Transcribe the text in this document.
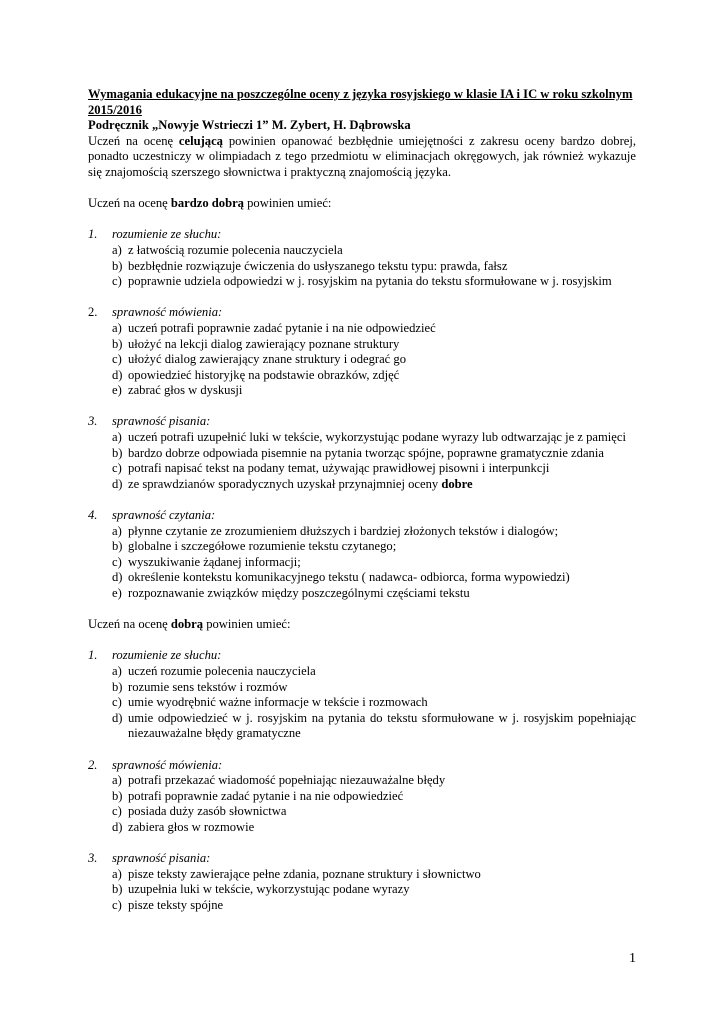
Wymagania edukacyjne na poszczególne oceny z języka rosyjskiego w klasie IA i IC w roku szkolnym 2015/2016

Podręcznik „Nowyje Wstrieczi 1” M. Zybert, H. Dąbrowska

Uczeń na ocenę celującą powinien opanować bezbłędnie umiejętności z zakresu oceny bardzo dobrej, ponadto uczestniczy w olimpiadach z tego przedmiotu w eliminacjach okręgowych, jak również wykazuje się znajomością szerszego słownictwa i praktyczną znajomością języka.

Uczeń na ocenę bardzo dobrą powinien umieć:

1.	rozumienie ze słuchu:
a) z łatwością rozumie polecenia nauczyciela
b) bezbłędnie rozwiązuje ćwiczenia do usłyszanego tekstu typu: prawda, fałsz
c) poprawnie udziela odpowiedzi w j. rosyjskim na pytania do tekstu sformułowane w j. rosyjskim
2.	sprawność mówienia:
a) uczeń potrafi poprawnie zadać pytanie i na nie odpowiedzieć
b) ułożyć na lekcji dialog zawierający poznane struktury
c) ułożyć dialog zawierający znane struktury i odegrać go
d) opowiedzieć historyjkę na podstawie obrazków, zdjęć
e) zabrać głos w dyskusji
3.	sprawność pisania:
a) uczeń potrafi uzupełnić luki w tekście, wykorzystując podane wyrazy lub odtwarzając je z pamięci
b) bardzo dobrze odpowiada pisemnie na pytania tworząc spójne, poprawne gramatycznie zdania
c) potrafi napisać tekst na podany temat, używając prawidłowej pisowni i interpunkcji
d) ze sprawdzianów sporadycznych uzyskał przynajmniej oceny dobre
4.	sprawność czytania:
a) płynne czytanie ze zrozumieniem dłuższych i bardziej złożonych tekstów i dialogów;
b) globalne i szczegółowe rozumienie tekstu czytanego;
c) wyszukiwanie żądanej informacji;
d) określenie kontekstu komunikacyjnego tekstu ( nadawca- odbiorca, forma wypowiedzi)
e) rozpoznawanie związków między poszczególnymi częściami tekstu

Uczeń na ocenę dobrą powinien umieć:

1.	rozumienie ze słuchu:
a) uczeń rozumie polecenia nauczyciela
b) rozumie sens tekstów i rozmów
c) umie wyodrębnić ważne informacje w tekście i rozmowach
d) umie odpowiedzieć w j. rosyjskim na pytania do tekstu sformułowane w j. rosyjskim popełniając niezauważalne błędy gramatyczne
2.	sprawność mówienia:
a) potrafi przekazać wiadomość popełniając niezauważalne błędy
b) potrafi poprawnie zadać pytanie i na nie odpowiedzieć
c) posiada duży zasób słownictwa
d) zabiera głos w rozmowie
3.	sprawność pisania:
a) pisze teksty zawierające pełne zdania, poznane struktury i słownictwo
b) uzupełnia luki w tekście, wykorzystując podane wyrazy
c) pisze teksty spójne
1
